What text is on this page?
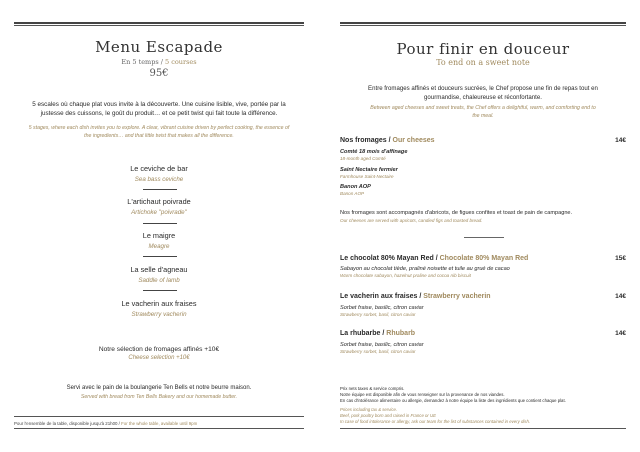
Menu Escapade
En 5 temps / 5 courses
95€
5 escales où chaque plat vous invite à la découverte. Une cuisine lisible, vive, portée par la justesse des cuissons, le goût du produit… et ce petit twist qui fait toute la différence.
5 stages, where each dish invites you to explore. A clear, vibrant cuisine driven by perfect cooking, the essence of the ingredients… and that little twist that makes all the difference.
Le ceviche de bar
Sea bass ceviche
L'artichaut poivrade
Artichoke "poivrade"
Le maigre
Meagre
La selle d'agneau
Saddle of lamb
Le vacherin aux fraises
Strawberry vacherin
Notre sélection de fromages affinés +10€
Cheese selection +10€
Servi avec le pain de la boulangerie Ten Bells et notre beurre maison.
Served with bread from Ten Bells Bakery and our homemade butter.
Pour l'ensemble de la table, disponible jusqu'à 21h00 / For the whole table, available until 9pm
Pour finir en douceur
To end on a sweet note
Entre fromages affinés et douceurs sucrées, le Chef propose une fin de repas tout en gourmandise, chaleureuse et réconfortante.
Between aged cheeses and sweet treats, the Chef offers a delightful, warm, and comforting end to the meal.
Nos fromages / Our cheeses	14€
Comté 18 mois d'affinage
18-month aged Comté
Saint Nectaire fermier
Farmhouse Saint-Nectaire
Banon AOP
Banon AOP
Nos fromages sont accompagnés d'abricots, de figues confites et toast de pain de campagne.
Our cheeses are served with apricots, candied figs and toasted bread.
Le chocolat 80% Mayan Red / Chocolate 80% Mayan Red	15€
Sabayon au chocolat tiède, praliné noisette et tuile au grué de cacao
Warm chocolate sabayon, hazelnut praline and cocoa nib biscuit
Le vacherin aux fraises / Strawberry vacherin	14€
Sorbet fraise, basilic, citron caviar
Strawberry sorbet, basil, citron caviar
La rhubarbe / Rhubarb	14€
Sorbet fraise, basilic, citron caviar
Strawberry sorbet, basil, citron caviar
Prix nets taxes & service compris.
Notre équipe est disponible afin de vous renseigner sur la provenance de nos viandes.
En cas d'intolérance alimentaire ou allergie, demandez à notre équipe la liste des ingrédients que contient chaque plat.
Prices including tax & service.
Beef, pork poultry born and raised in France or UE
In case of food intolerance or allergy, ask our team for the list of substances contained in every dish.
